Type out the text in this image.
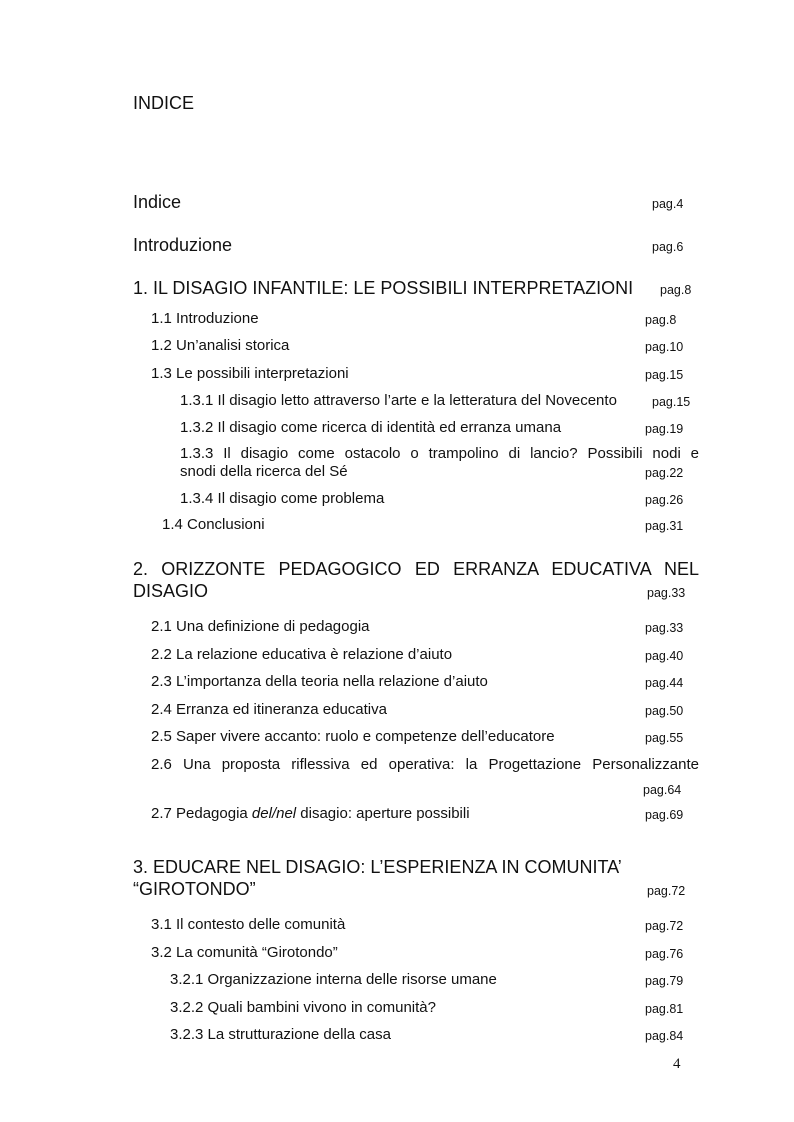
INDICE
Indice	pag.4
Introduzione	pag.6
1. IL DISAGIO INFANTILE: LE POSSIBILI INTERPRETAZIONI pag.8
1.1 Introduzione	pag.8
1.2 Un’analisi storica	pag.10
1.3 Le possibili interpretazioni	pag.15
1.3.1 Il disagio letto attraverso l’arte e la letteratura del Novecento	pag.15
1.3.2 Il disagio come ricerca di identità ed erranza umana	pag.19
1.3.3 Il disagio come ostacolo o trampolino di lancio? Possibili nodi e
snodi della ricerca del Sé	pag.22
1.3.4 Il disagio come problema	pag.26
1.4 Conclusioni	pag.31
2. ORIZZONTE PEDAGOGICO ED ERRANZA EDUCATIVA NEL
DISAGIO	pag.33
2.1 Una definizione di pedagogia	pag.33
2.2 La relazione educativa è relazione d’aiuto	pag.40
2.3 L’importanza della teoria nella relazione d’aiuto	pag.44
2.4 Erranza ed itineranza educativa	pag.50
2.5 Saper vivere accanto: ruolo e competenze dell’educatore	pag.55
2.6 Una proposta riflessiva ed operativa: la Progettazione Personalizzante
pag.64
2.7 Pedagogia del/nel disagio: aperture possibili	pag.69
3. EDUCARE NEL DISAGIO: L’ESPERIENZA IN COMUNITA’
“GIROTONDO”	pag.72
3.1 Il contesto delle comunità	pag.72
3.2 La comunità “Girotondo”	pag.76
3.2.1 Organizzazione interna delle risorse umane	pag.79
3.2.2 Quali bambini vivono in comunità?	pag.81
3.2.3 La strutturazione della casa	pag.84
4
